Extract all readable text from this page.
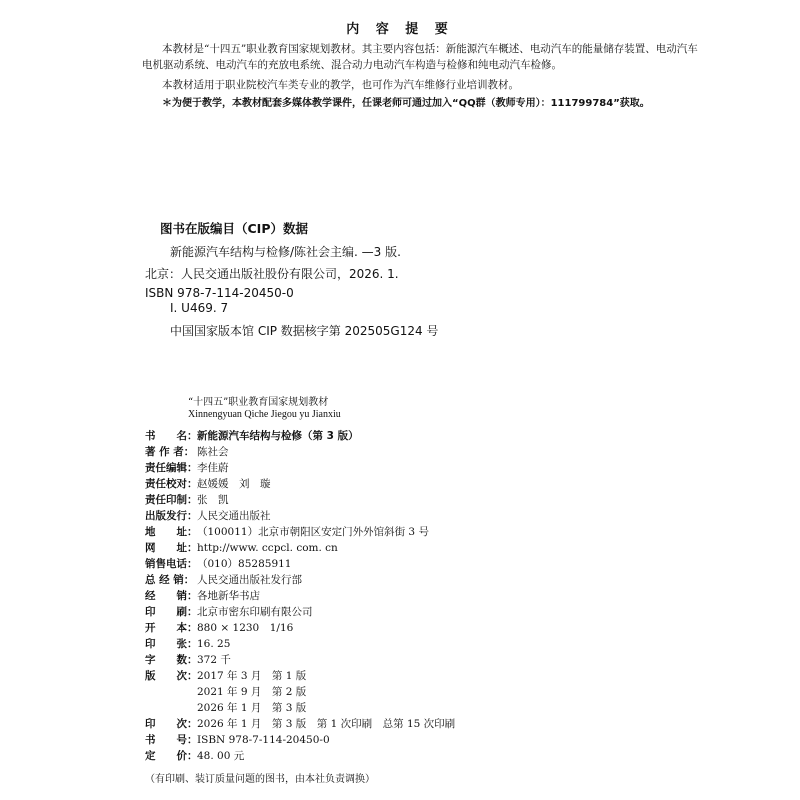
内 容 提 要
本教材是“十四五”职业教育国家规划教材。其主要内容包括：新能源汽车概述、电动汽车的能量储存装置、电动汽车
电机驱动系统、电动汽车的充放电系统、混合动力电动汽车构造与检修和纯电动汽车检修。
本教材适用于职业院校汽车类专业的教学，也可作为汽车维修行业培训教材。
＊为便于教学，本教材配套多媒体教学课件，任课老师可通过加入“QQ群（教师专用）：111799784”获取。
图书在版编目（CIP）数据
新能源汽车结构与检修/陈社会主编. —3 版.
北京：人民交通出版社股份有限公司，2026. 1.
ISBN 978-7-114-20450-0
Ⅰ. U469. 7
中国国家版本馆 CIP 数据核字第 202505G124 号
“十四五”职业教育国家规划教材
Xinnengyuan Qiche Jiegou yu Jianxiu
书　　名：新能源汽车结构与检修（第 3 版）
著 作 者： 陈社会
责任编辑：李佳蔚
责任校对：赵媛媛　刘　璇
责任印制：张　凯
出版发行：人民交通出版社
地　　址：（100011）北京市朝阳区安定门外外馆斜街 3 号
网　　址：http://www. ccpcl. com. cn
销售电话：（010）85285911
总 经 销： 人民交通出版社发行部
经　　销：各地新华书店
印　　刷：北京市密东印刷有限公司
开　　本：880 × 1230　1/16
印　　张：16. 25
字　　数：372 千
版　　次：2017 年 3 月　第 1 版
2021 年 9 月　第 2 版
2026 年 1 月　第 3 版
印　　次：2026 年 1 月　第 3 版　第 1 次印刷　总第 15 次印刷
书　　号：ISBN 978-7-114-20450-0
定　　价：48. 00 元
（有印刷、装订质量问题的图书，由本社负责调换）
